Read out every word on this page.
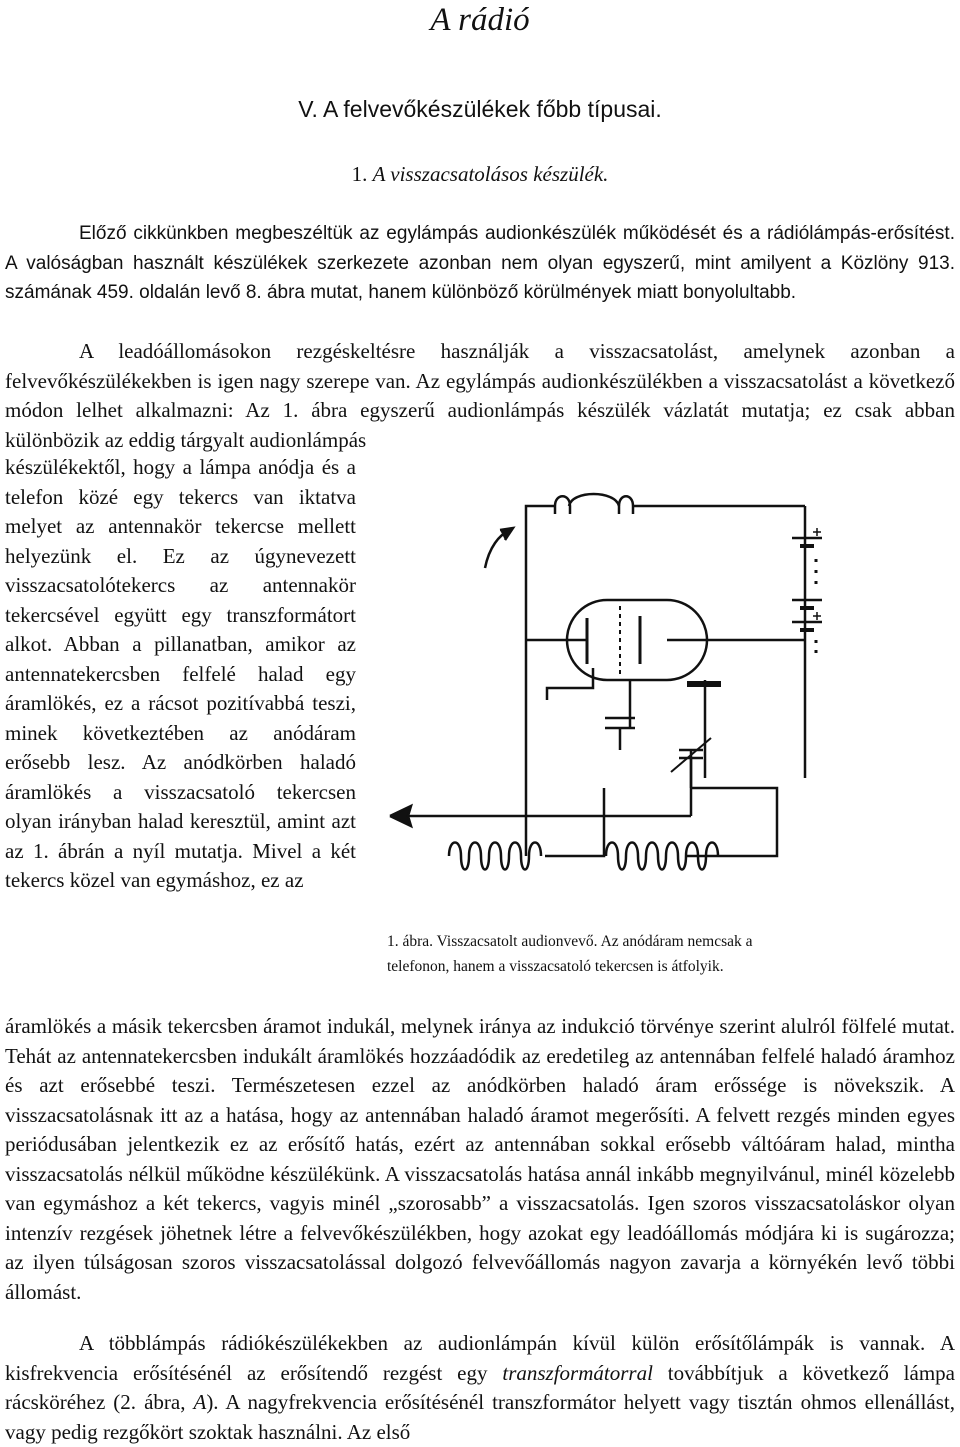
A rádió
V. A felvevőkészülékek főbb típusai.
1. A visszacsatolásos készülék.

Előző cikkünkben megbeszéltük az egylámpás audionkészülék működését és a rádiólámpás-erősítést. A valóságban használt készülékek szerkezete azonban nem olyan egyszerű, mint amilyent a Közlöny 913. számának 459. oldalán levő 8. ábra mutat, hanem különböző körülmények miatt bonyolultabb.

A leadóállomásokon rezgéskeltésre használják a visszacsatolást, amelynek azonban a felvevőkészülékekben is igen nagy szerepe van. Az egylámpás audionkészülékben a visszacsatolást a következő módon lelhet alkalmazni: Az 1. ábra egyszerű audionlámpás készülék vázlatát mutatja; ez csak abban különbözik az eddig tárgyalt audionlámpás

készülékektől, hogy a lámpa anódja és a telefon közé egy tekercs van iktatva melyet az antennakör tekercse mellett helyezünk el. Ez az úgynevezett visszacsatolótekercs az antennakör tekercsével együtt egy transzformátort alkot. Abban a pillanatban, amikor az antennatekercsben felfelé halad egy áramlökés, ez a rácsot pozitívabbá teszi, minek következtében az anódáram erősebb lesz. Az anódkörben haladó áramlökés a visszacsatoló tekercsen olyan irányban halad keresztül, amint azt az 1. ábrán a nyíl mutatja. Mivel a két tekercs közel van egymáshoz, ez az

áramlökés a másik tekercsben áramot indukál, melynek iránya az indukció törvénye szerint alulról fölfelé mutat. Tehát az antennatekercsben indukált áramlökés hozzáadódik az eredetileg az antennában felfelé haladó áramhoz és azt erősebbé teszi. Természetesen ezzel az anódkörben haladó áram erőssége is növekszik. A visszacsatolásnak itt az a hatása, hogy az antennában haladó áramot megerősíti. A felvett rezgés minden egyes periódusában jelentkezik ez az erősítő hatás, ezért az antennában sokkal erősebb váltóáram halad, mintha visszacsatolás nélkül működne készülékünk. A visszacsatolás hatása annál inkább megnyilvánul, minél közelebb van egymáshoz a két tekercs, vagyis minél „szorosabb” a visszacsatolás. Igen szoros visszacsatoláskor olyan intenzív rezgések jöhetnek létre a felvevőkészülékben, hogy azokat egy leadóállomás módjára ki is sugározza; az ilyen túlságosan szoros visszacsatolással dolgozó felvevőállomás nagyon zavarja a környékén levő többi állomást.

A többlámpás rádiókészülékekben az audionlámpán kívül külön erősítőlámpák is vannak. A kisfrekvencia erősítésénél az erősítendő rezgést egy transzformátorral továbbítjuk a következő lámpa rácsköréhez (2. ábra, A). A nagyfrekvencia erősítésénél transzformátor helyett vagy tisztán ohmos ellenállást, vagy pedig rezgőkört szoktak használni. Az első

1. ábra. Visszacsatolt audionvevő. Az anódáram nemcsak a
telefonon, hanem a visszacsatoló tekercsen is átfolyik.
